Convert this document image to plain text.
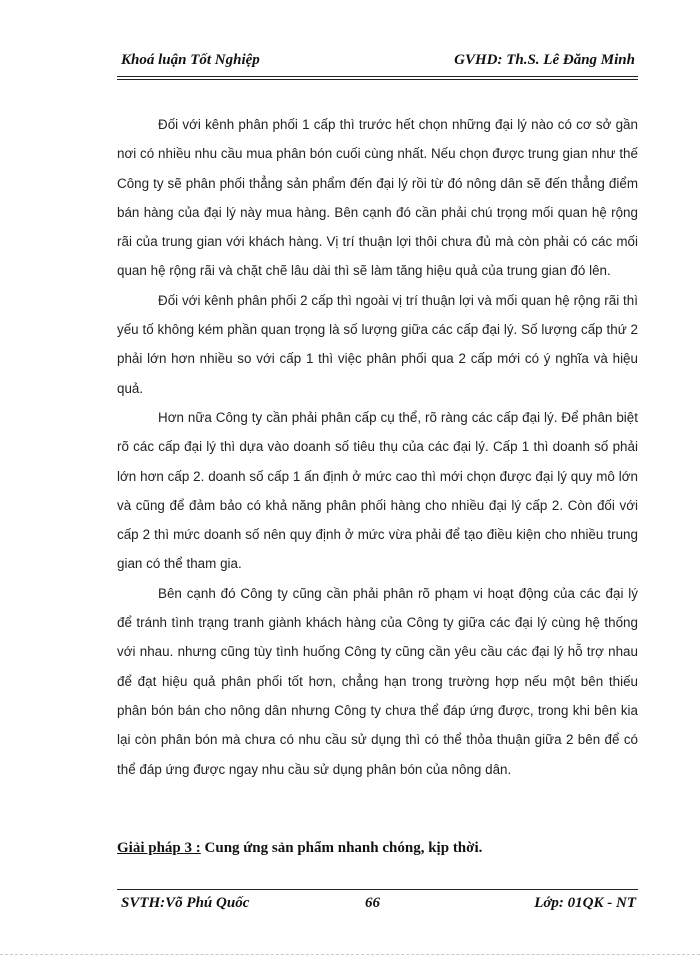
Khoá luận Tốt Nghiệp	GVHD: Th.S. Lê Đăng Minh

Đối với kênh phân phối 1 cấp thì trước hết chọn những đại lý nào có cơ sở gần nơi có nhiều nhu cầu mua phân bón cuối cùng nhất. Nếu chọn được trung gian như thế Công ty sẽ phân phối thẳng sản phẩm đến đại lý rồi từ đó nông dân sẽ đến thẳng điểm bán hàng của đại lý này mua hàng. Bên cạnh đó cần phải chú trọng mối quan hệ rộng rãi của trung gian với khách hàng. Vị trí thuận lợi thôi chưa đủ mà còn phải có các mối quan hệ rộng rãi và chặt chẽ lâu dài thì sẽ làm tăng hiệu quả của trung gian đó lên.

Đối với kênh phân phối 2 cấp thì ngoài vị trí thuận lợi và mối quan hệ rộng rãi thì yếu tố không kém phần quan trọng là số lượng giữa các cấp đại lý. Số lượng cấp thứ 2 phải lớn hơn nhiều so với cấp 1 thì việc phân phối qua 2 cấp mới có ý nghĩa và hiệu quả.

Hơn nữa Công ty cần phải phân cấp cụ thể, rõ ràng các cấp đại lý. Để phân biệt rõ các cấp đại lý thì dựa vào doanh số tiêu thụ của các đại lý. Cấp 1 thì doanh số phải lớn hơn cấp 2. doanh số cấp 1 ấn định ở mức cao thì mới chọn được đại lý quy mô lớn và cũng để đảm bảo có khả năng phân phối hàng cho nhiều đại lý cấp 2. Còn đối với cấp 2 thì mức doanh số nên quy định ở mức vừa phải để tạo điều kiện cho nhiều trung gian có thể tham gia.

Bên cạnh đó Công ty cũng cần phải phân rõ phạm vi hoạt động của các đại lý để tránh tình trạng tranh giành khách hàng của Công ty giữa các đại lý cùng hệ thống với nhau. nhưng cũng tùy tình huống Công ty cũng cần yêu cầu các đại lý hỗ trợ nhau để đạt hiệu quả phân phối tốt hơn, chẳng hạn trong trường hợp nếu một bên thiếu phân bón bán cho nông dân nhưng Công ty chưa thể đáp ứng được, trong khi bên kia lại còn phân bón mà chưa có nhu cầu sử dụng thì có thể thỏa thuận giữa 2 bên để có thể đáp ứng được ngay nhu cầu sử dụng phân bón của nông dân.

Giải pháp 3 : Cung ứng sản phẩm nhanh chóng, kịp thời.
SVTH:Võ Phú Quốc	66	Lớp: 01QK - NT
